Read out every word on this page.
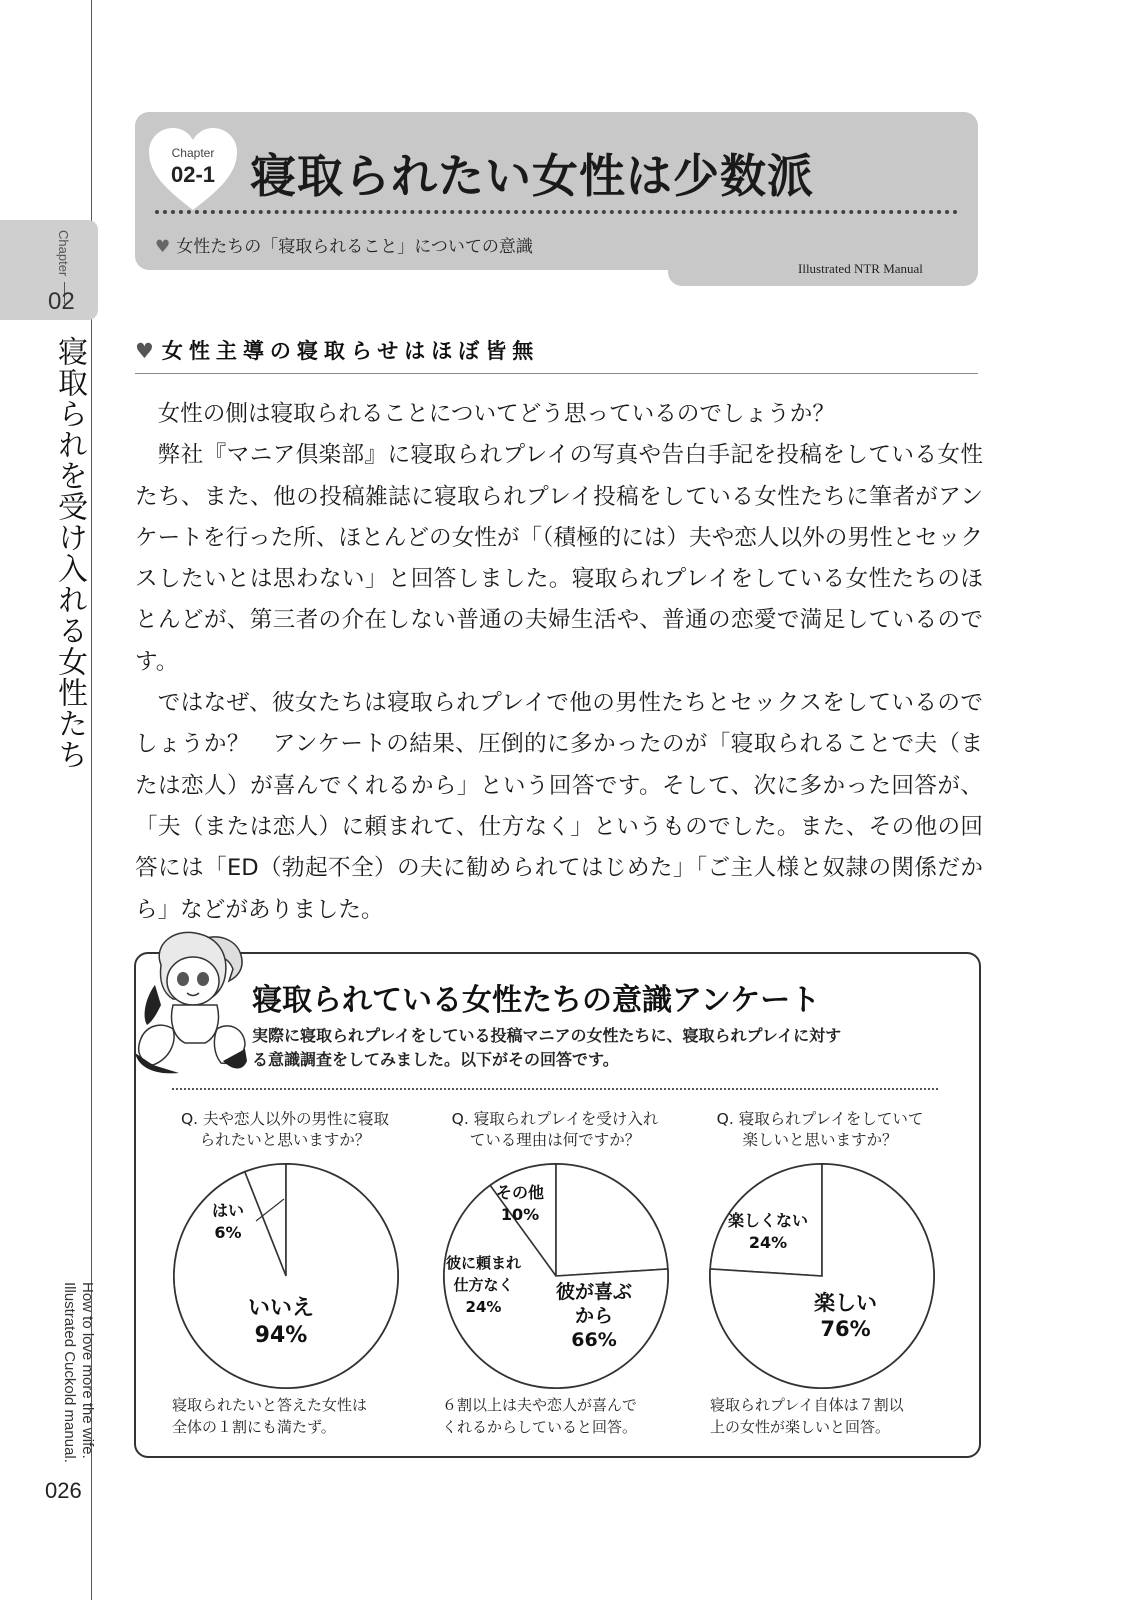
Chapter
02
寝取られを受け入れる女性たち
How to love more the wife.
Illustrated Cuckold manual.
026
Chapter
02-1 寝取られたい女性は少数派
♥ 女性たちの「寝取られること」についての意識
Illustrated NTR Manual
♥ 女性主導の寝取らせはほぼ皆無

女性の側は寝取られることについてどう思っているのでしょうか？

弊社『マニア倶楽部』に寝取られプレイの写真や告白手記を投稿をしている女性たち、また、他の投稿雑誌に寝取られプレイ投稿をしている女性たちに筆者がアンケートを行った所、ほとんどの女性が「（積極的には）夫や恋人以外の男性とセックスしたいとは思わない」と回答しました。寝取られプレイをしている女性たちのほとんどが、第三者の介在しない普通の夫婦生活や、普通の恋愛で満足しているのです。

ではなぜ、彼女たちは寝取られプレイで他の男性たちとセックスをしているのでしょうか？　アンケートの結果、圧倒的に多かったのが「寝取られることで夫（または恋人）が喜んでくれるから」という回答です。そして、次に多かった回答が、「夫（または恋人）に頼まれて、仕方なく」というものでした。また、その他の回答には「ED（勃起不全）の夫に勧められてはじめた」「ご主人様と奴隷の関係だから」などがありました。

寝取られている女性たちの意識アンケート
実際に寝取られプレイをしている投稿マニアの女性たちに、寝取られプレイに対す
る意識調査をしてみました。以下がその回答です。
Q. 夫や恋人以外の男性に寝取
られたいと思いますか？
Q. 寝取られプレイを受け入れ
ている理由は何ですか？
Q. 寝取られプレイをしていて
楽しいと思いますか？
はい
6%
いいえ
94%
その他
10%
彼に頼まれ
仕方なく
24%
彼が喜ぶ
から
66%
楽しくない
24%
楽しい
76%
寝取られたいと答えた女性は
全体の１割にも満たず。
６割以上は夫や恋人が喜んで
くれるからしていると回答。
寝取られプレイ自体は７割以
上の女性が楽しいと回答。
